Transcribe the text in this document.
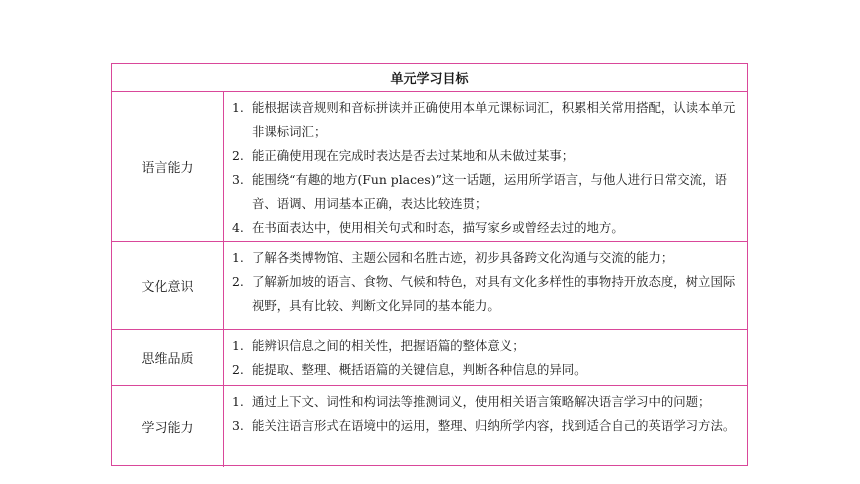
单元学习目标
语言能力
1. 能根据读音规则和音标拼读并正确使用本单元课标词汇，积累相关常用搭配，认读本单元非课标词汇；
2. 能正确使用现在完成时表达是否去过某地和从未做过某事；
3. 能围绕“有趣的地方(Fun places)”这一话题，运用所学语言，与他人进行日常交流，语音、语调、用词基本正确，表达比较连贯；
4. 在书面表达中，使用相关句式和时态，描写家乡或曾经去过的地方。
文化意识
1. 了解各类博物馆、主题公园和名胜古迹，初步具备跨文化沟通与交流的能力；
2. 了解新加坡的语言、食物、气候和特色，对具有文化多样性的事物持开放态度，树立国际视野，具有比较、判断文化异同的基本能力。
思维品质
1. 能辨识信息之间的相关性，把握语篇的整体意义；
2. 能提取、整理、概括语篇的关键信息，判断各种信息的异同。
学习能力
1. 通过上下文、词性和构词法等推测词义，使用相关语言策略解决语言学习中的问题；
3. 能关注语言形式在语境中的运用，整理、归纳所学内容，找到适合自己的英语学习方法。
